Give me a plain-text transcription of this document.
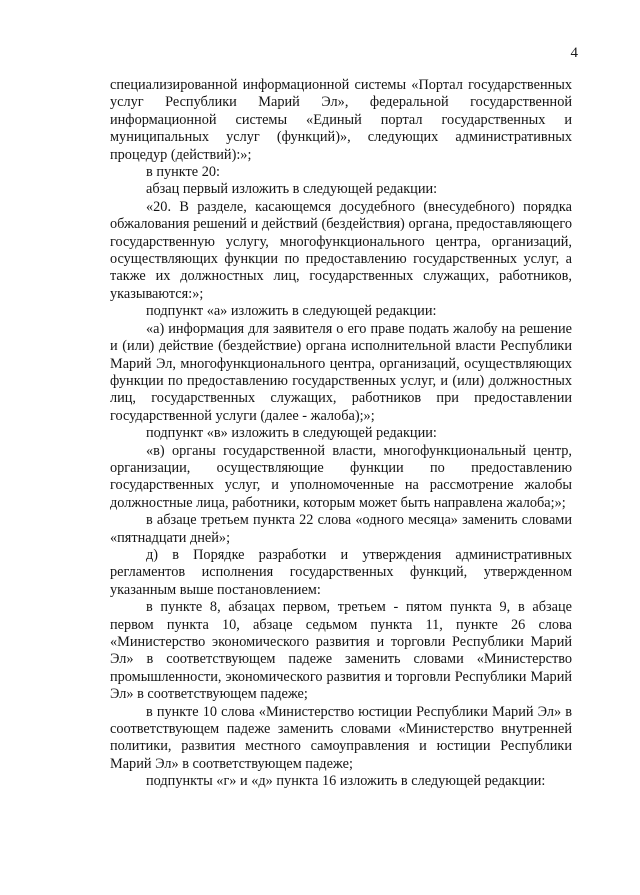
4

специализированной информационной системы «Портал государственных услуг Республики Марий Эл», федеральной государственной информационной системы «Единый портал государственных и муниципальных услуг (функций)», следующих административных процедур (действий):»;

в пункте 20:

абзац первый изложить в следующей редакции:

«20. В разделе, касающемся досудебного (внесудебного) порядка обжалования решений и действий (бездействия) органа, предоставляющего государственную услугу, многофункционального центра, организаций, осуществляющих функции по предоставлению государственных услуг, а также их должностных лиц, государственных служащих, работников, указываются:»;

подпункт «а» изложить в следующей редакции:

«а) информация для заявителя о его праве подать жалобу на решение и (или) действие (бездействие) органа исполнительной власти Республики Марий Эл, многофункционального центра, организаций, осуществляющих функции по предоставлению государственных услуг, и (или) должностных лиц, государственных служащих, работников при предоставлении государственной услуги (далее - жалоба);»;

подпункт «в» изложить в следующей редакции:

«в) органы государственной власти, многофункциональный центр, организации, осуществляющие функции по предоставлению государственных услуг, и уполномоченные на рассмотрение жалобы должностные лица, работники, которым может быть направлена жалоба;»;

в абзаце третьем пункта 22 слова «одного месяца» заменить словами «пятнадцати дней»;

д) в Порядке разработки и утверждения административных регламентов исполнения государственных функций, утвержденном указанным выше постановлением:

в пункте 8, абзацах первом, третьем - пятом пункта 9, в абзаце первом пункта 10, абзаце седьмом пункта 11, пункте 26 слова «Министерство экономического развития и торговли Республики Марий Эл» в соответствующем падеже заменить словами «Министерство промышленности, экономического развития и торговли Республики Марий Эл» в соответствующем падеже;

в пункте 10 слова «Министерство юстиции Республики Марий Эл» в соответствующем падеже заменить словами «Министерство внутренней политики, развития местного самоуправления и юстиции Республики Марий Эл» в соответствующем падеже;

подпункты «г» и «д» пункта 16 изложить в следующей редакции:
